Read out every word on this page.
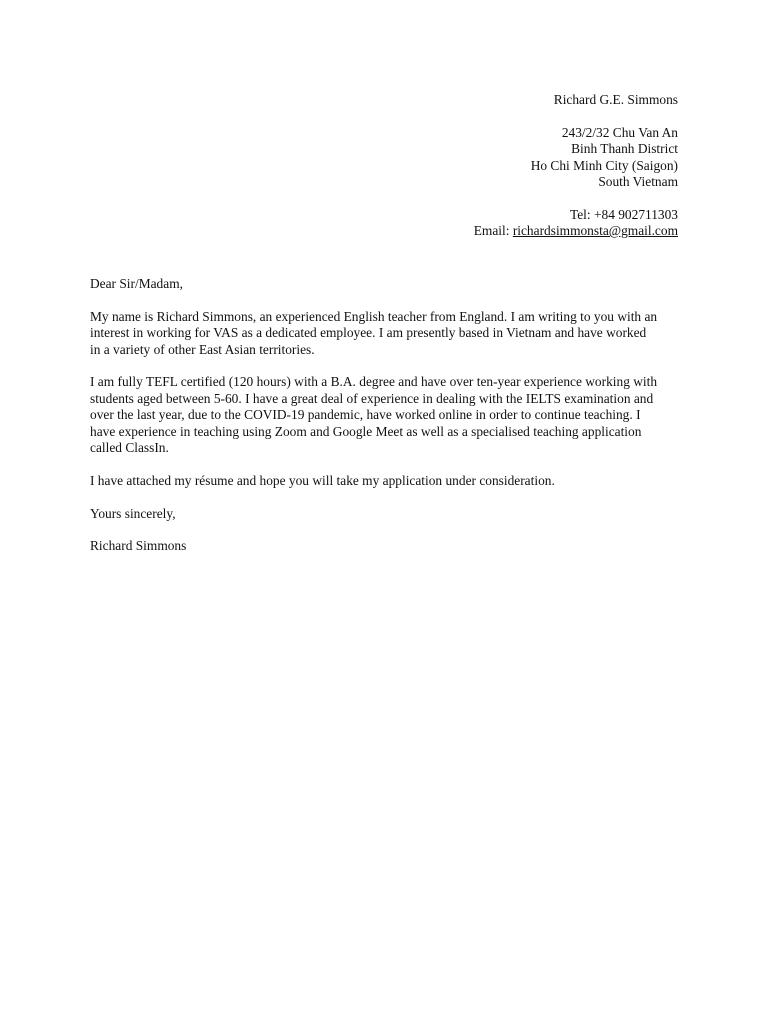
Richard G.E. Simmons
243/2/32 Chu Van An
Binh Thanh District
Ho Chi Minh City (Saigon)
South Vietnam
Tel: +84 902711303
Email: richardsimmonsta@gmail.com

Dear Sir/Madam,

My name is Richard Simmons, an experienced English teacher from England. I am writing to you with an
interest in working for VAS as a dedicated employee. I am presently based in Vietnam and have worked
in a variety of other East Asian territories.

I am fully TEFL certified (120 hours) with a B.A. degree and have over ten-year experience working with
students aged between 5-60. I have a great deal of experience in dealing with the IELTS examination and
over the last year, due to the COVID-19 pandemic, have worked online in order to continue teaching. I
have experience in teaching using Zoom and Google Meet as well as a specialised teaching application
called ClassIn.

I have attached my résume and hope you will take my application under consideration.

Yours sincerely,

Richard Simmons
